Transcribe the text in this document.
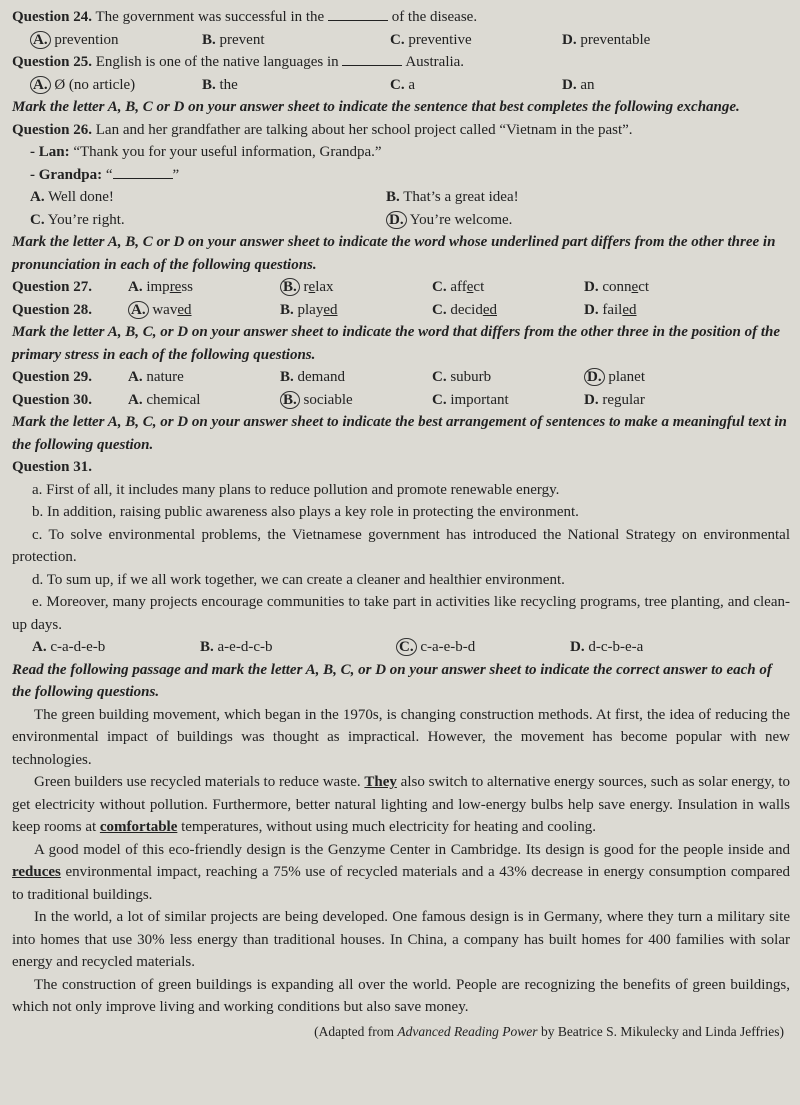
Question 24. The government was successful in the	of the disease.
A. prevention	B. prevent	C. preventive	D. preventable
Question 25. English is one of the native languages in	Australia.
A. Ø (no article)	B. the	C. a	D. an
Mark the letter A, B, C or D on your answer sheet to indicate the sentence that best completes the following exchange.
Question 26. Lan and her grandfather are talking about her school project called “Vietnam in the past”.
- Lan: “Thank you for your useful information, Grandpa.”
- Grandpa: “	”
A. Well done!	B. That’s a great idea!
C. You’re right.	D. You’re welcome.
Mark the letter A, B, C or D on your answer sheet to indicate the word whose underlined part differs from the other three in pronunciation in each of the following questions.
Question 27.	A. impress	B. relax	C. affect	D. connect
Question 28.	A. waved	B. played	C. decided	D. failed
Mark the letter A, B, C, or D on your answer sheet to indicate the word that differs from the other three in the position of the primary stress in each of the following questions.
Question 29.	A. nature	B. demand	C. suburb	D. planet
Question 30.	A. chemical	B. sociable	C. important	D. regular
Mark the letter A, B, C, or D on your answer sheet to indicate the best arrangement of sentences to make a meaningful text in the following question.
Question 31.

a. First of all, it includes many plans to reduce pollution and promote renewable energy.

b. In addition, raising public awareness also plays a key role in protecting the environment.

c. To solve environmental problems, the Vietnamese government has introduced the National Strategy on environmental protection.

d. To sum up, if we all work together, we can create a cleaner and healthier environment.

e. Moreover, many projects encourage communities to take part in activities like recycling programs, tree planting, and clean-up days.

A. c-a-d-e-b	B. a-e-d-c-b	C. c-a-e-b-d	D. d-c-b-e-a
Read the following passage and mark the letter A, B, C, or D on your answer sheet to indicate the correct answer to each of the following questions.

The green building movement, which began in the 1970s, is changing construction methods. At first, the idea of reducing the environmental impact of buildings was thought as impractical. However, the movement has become popular with new technologies.

Green builders use recycled materials to reduce waste. They also switch to alternative energy sources, such as solar energy, to get electricity without pollution. Furthermore, better natural lighting and low-energy bulbs help save energy. Insulation in walls keep rooms at comfortable temperatures, without using much electricity for heating and cooling.

A good model of this eco-friendly design is the Genzyme Center in Cambridge. Its design is good for the people inside and reduces environmental impact, reaching a 75% use of recycled materials and a 43% decrease in energy consumption compared to traditional buildings.

In the world, a lot of similar projects are being developed. One famous design is in Germany, where they turn a military site into homes that use 30% less energy than traditional houses. In China, a company has built homes for 400 families with solar energy and recycled materials.

The construction of green buildings is expanding all over the world. People are recognizing the benefits of green buildings, which not only improve living and working conditions but also save money.

(Adapted from Advanced Reading Power by Beatrice S. Mikulecky and Linda Jeffries)
